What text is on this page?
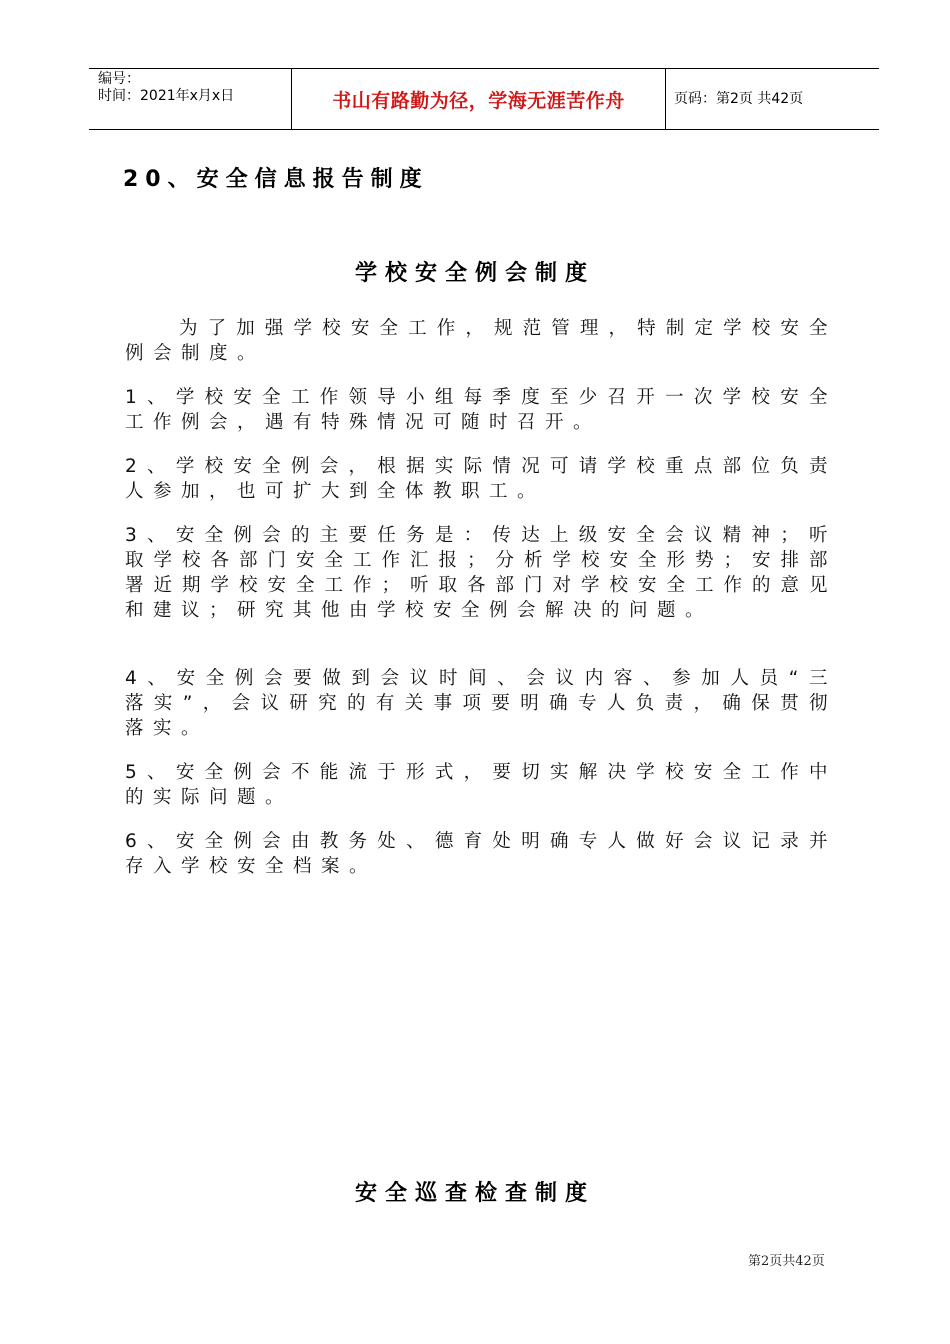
编号：
时间：2021年x月x日	书山有路勤为径，学海无涯苦作舟	页码：第2页 共42页
20、安全信息报告制度
学校安全例会制度
为了加强学校安全工作，规范管理，特制定学校安全例会制度。
1、学校安全工作领导小组每季度至少召开一次学校安全工作例会，遇有特殊情况可随时召开。
2、学校安全例会，根据实际情况可请学校重点部位负责人参加，也可扩大到全体教职工。
3、安全例会的主要任务是：传达上级安全会议精神；听取学校各部门安全工作汇报；分析学校安全形势；安排部署近期学校安全工作；听取各部门对学校安全工作的意见和建议；研究其他由学校安全例会解决的问题。
4、安全例会要做到会议时间、会议内容、参加人员“三落实”，会议研究的有关事项要明确专人负责，确保贯彻落实。
5、安全例会不能流于形式，要切实解决学校安全工作中的实际问题。
6、安全例会由教务处、德育处明确专人做好会议记录并存入学校安全档案。
安全巡查检查制度
第2页共42页
